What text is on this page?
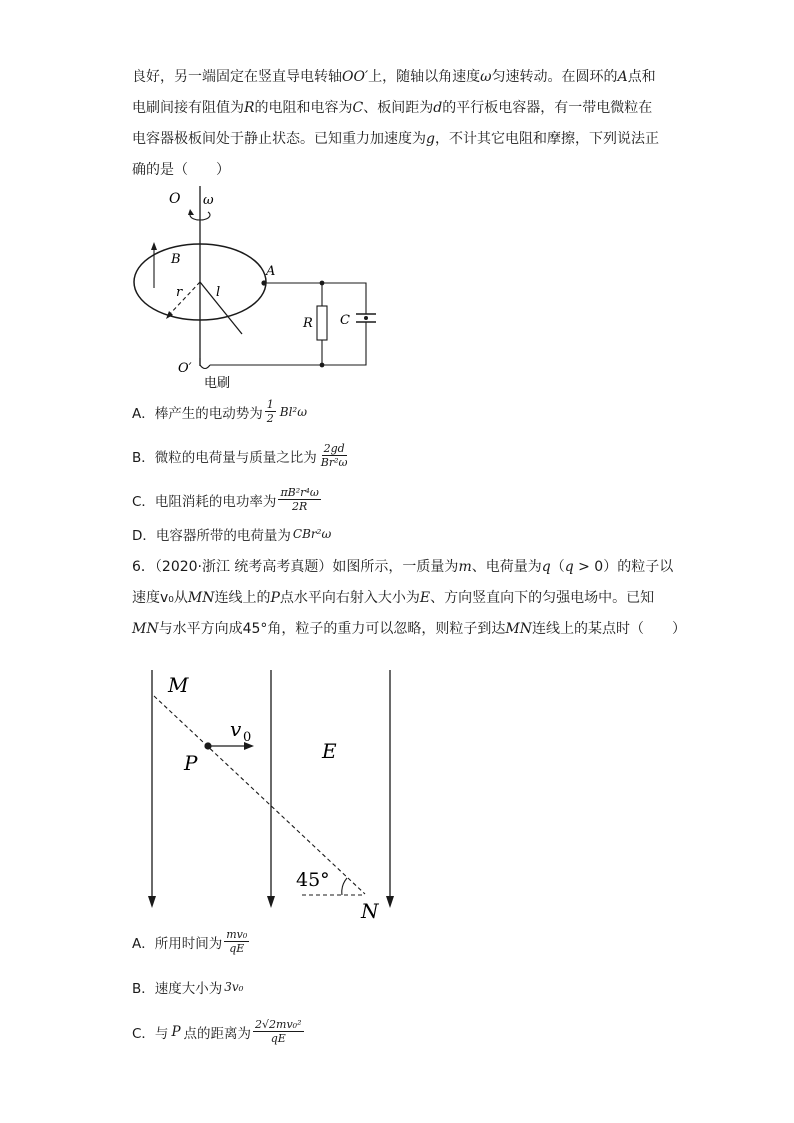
良好，另一端固定在竖直导电转轴OO′上，随轴以角速度ω匀速转动。在圆环的A点和
电刷间接有阻值为R的电阻和电容为C、板间距为d的平行板电容器，有一带电微粒在
电容器极板间处于静止状态。已知重力加速度为g，不计其它电阻和摩擦，下列说法正
确的是（　　）
O ω
B
r	l
A
R C
O′
电刷
A．棒产生的电动势为 $\frac{1}{2} Bl^2\omega$
B．微粒的电荷量与质量之比为 $\frac{2gd}{\text{Br²ω}}$
C．电阻消耗的电功率为 $\frac{\text{πB²r⁴ω}}{2R}$
D．电容器所带的电荷量为 CBr²ω
6．（2020·浙江 统考高考真题）如图所示，一质量为m、电荷量为q（q > 0）的粒子以
速度v₀从MN连线上的P点水平向右射入大小为E、方向竖直向下的匀强电场中。已知
MN与水平方向成45°角，粒子的重力可以忽略，则粒子到达MN连线上的某点时（　　）
M
v 0
E
P
45°
N
A．所用时间为 $\frac{\text{mv₀}}{qE}$
B．速度大小为 3v₀
C．与 P 点的距离为 $\frac{\text{2√2mv₀²}}{qE}$
